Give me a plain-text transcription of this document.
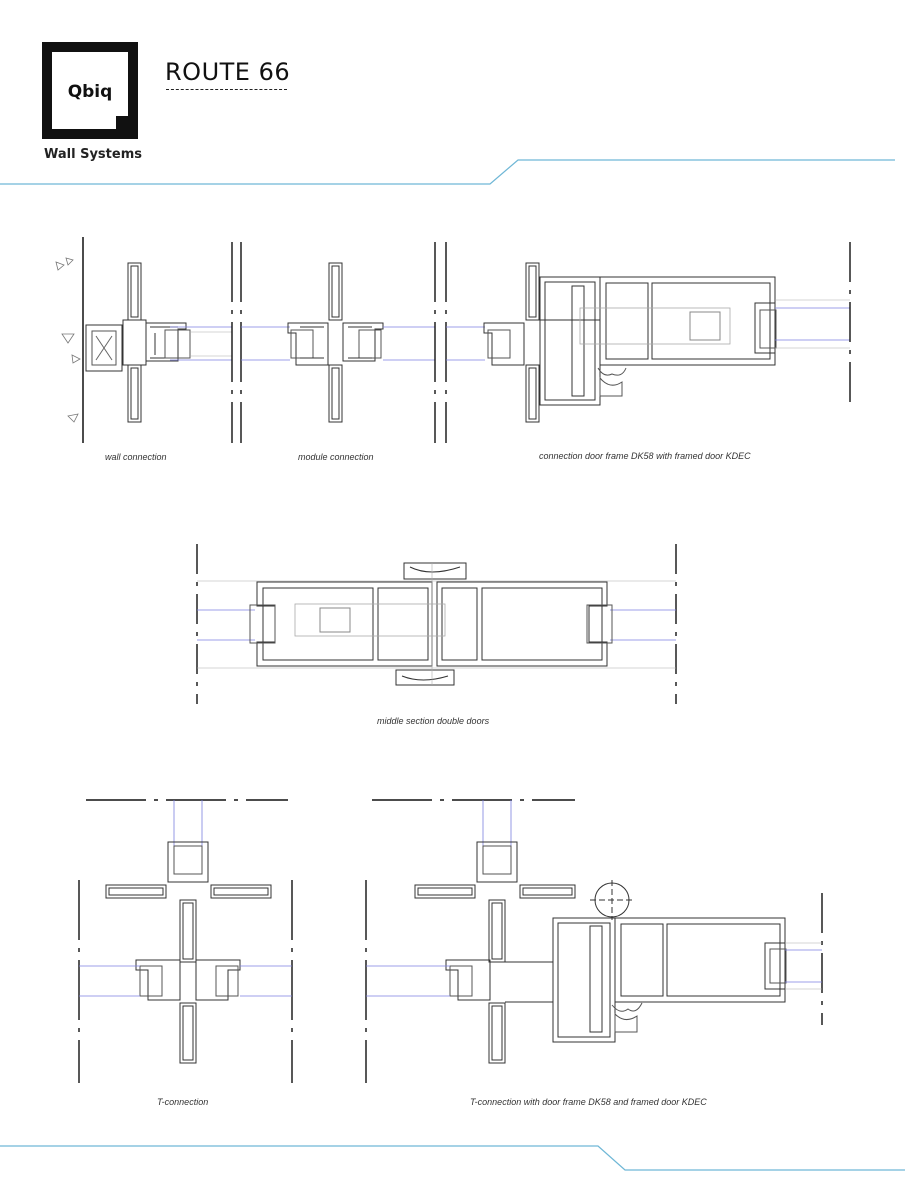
Qbiq
Wall Systems
ROUTE 66
wall connection	module connection	connection door frame DK58 with framed door KDEC
middle section double doors
T-connection	T-connection with door frame DK58 and framed door KDEC
